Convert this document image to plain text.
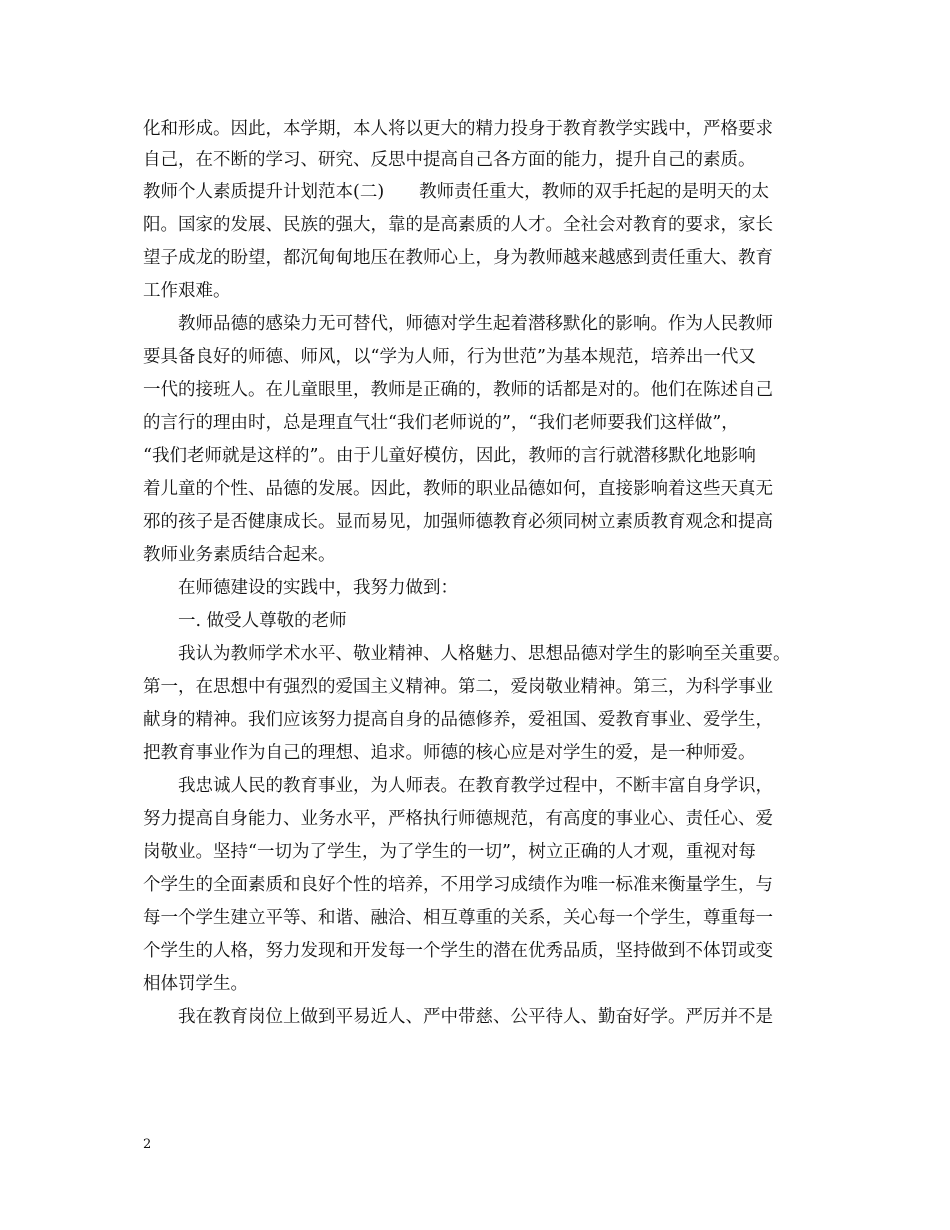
化和形成。因此，本学期，本人将以更大的精力投身于教育教学实践中，严格要求
自己，在不断的学习、研究、反思中提高自己各方面的能力，提升自己的素质。
教师个人素质提升计划范本(二)　　教师责任重大，教师的双手托起的是明天的太
阳。国家的发展、民族的强大，靠的是高素质的人才。全社会对教育的要求，家长
望子成龙的盼望，都沉甸甸地压在教师心上，身为教师越来越感到责任重大、教育
工作艰难。
教师品德的感染力无可替代，师德对学生起着潜移默化的影响。作为人民教师
要具备良好的师德、师风，以“学为人师，行为世范”为基本规范，培养出一代又
一代的接班人。在儿童眼里，教师是正确的，教师的话都是对的。他们在陈述自己
的言行的理由时，总是理直气壮“我们老师说的”，“我们老师要我们这样做”，
“我们老师就是这样的”。由于儿童好模仿，因此，教师的言行就潜移默化地影响
着儿童的个性、品德的发展。因此，教师的职业品德如何，直接影响着这些天真无
邪的孩子是否健康成长。显而易见，加强师德教育必须同树立素质教育观念和提高
教师业务素质结合起来。
在师德建设的实践中，我努力做到：
一. 做受人尊敬的老师
我认为教师学术水平、敬业精神、人格魅力、思想品德对学生的影响至关重要。
第一，在思想中有强烈的爱国主义精神。第二，爱岗敬业精神。第三，为科学事业
献身的精神。我们应该努力提高自身的品德修养，爱祖国、爱教育事业、爱学生，
把教育事业作为自己的理想、追求。师德的核心应是对学生的爱，是一种师爱。
我忠诚人民的教育事业，为人师表。在教育教学过程中，不断丰富自身学识，
努力提高自身能力、业务水平，严格执行师德规范，有高度的事业心、责任心、爱
岗敬业。坚持“一切为了学生，为了学生的一切”，树立正确的人才观，重视对每
个学生的全面素质和良好个性的培养，不用学习成绩作为唯一标准来衡量学生，与
每一个学生建立平等、和谐、融洽、相互尊重的关系，关心每一个学生，尊重每一
个学生的人格，努力发现和开发每一个学生的潜在优秀品质，坚持做到不体罚或变
相体罚学生。
我在教育岗位上做到平易近人、严中带慈、公平待人、勤奋好学。严厉并不是
2
